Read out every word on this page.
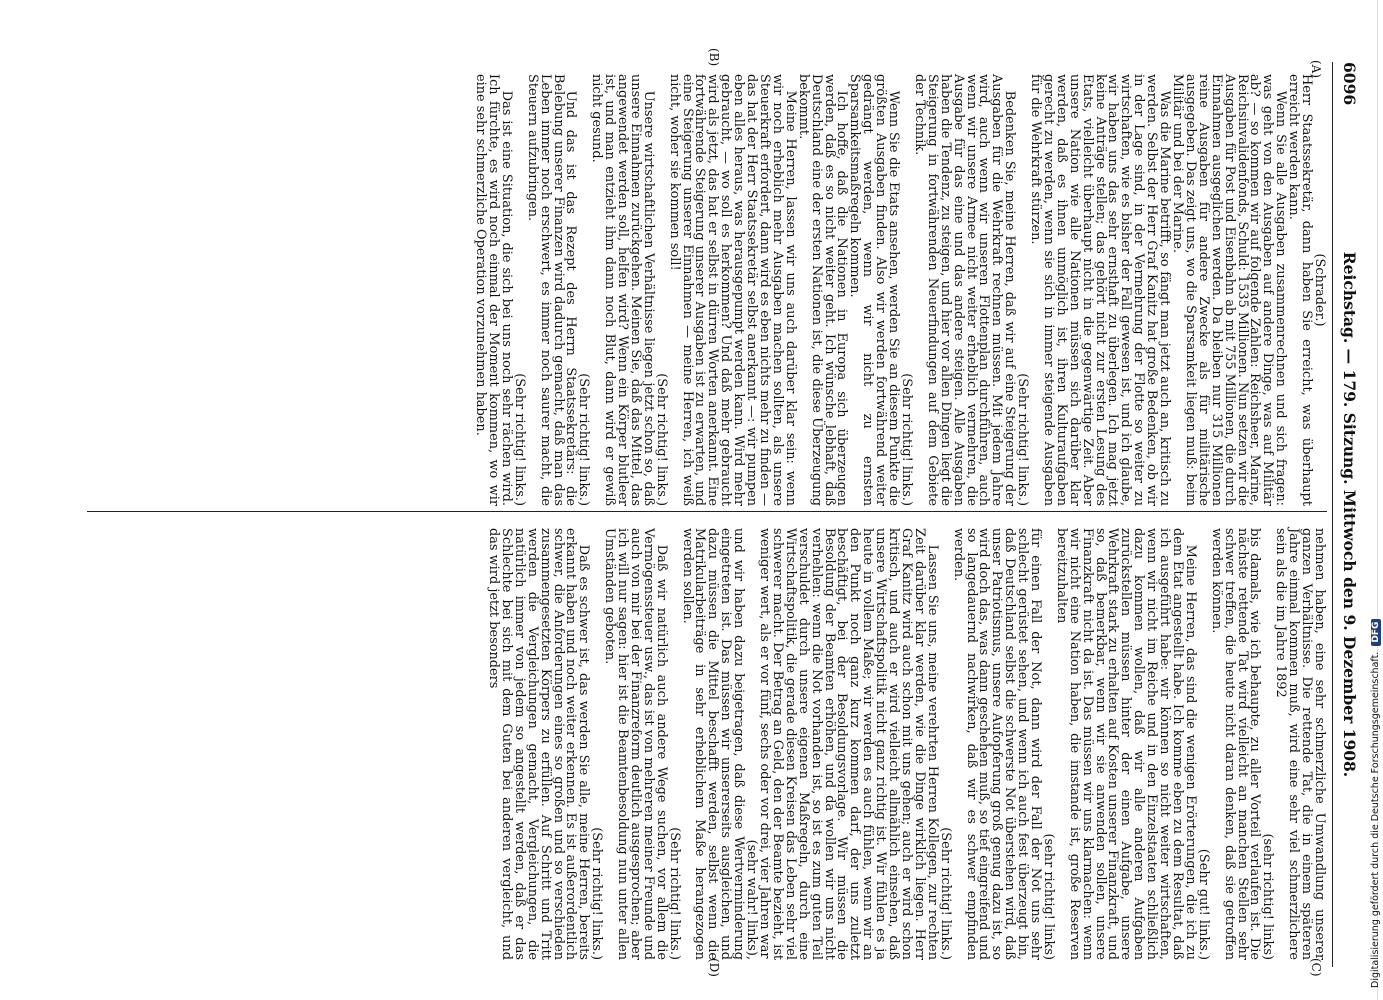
6096
Reichstag. — 179. Sitzung. Mittwoch den 9. Dezember 1908.
(A)
(B)
(C)
(D)

(Schrader.)

Herr Staatssekretär, dann haben Sie erreicht, was überhaupt erreicht werden kann.

Wenn Sie alle Ausgaben zusammenrechnen und sich fragen: was geht von den Ausgaben auf andere Dinge, was auf Militär ab? — so kommen wir auf folgende Zahlen: Reichsheer, Marine, Reichsinvalidenfonds, Schuld: 1535 Millionen. Nun setzen wir die Ausgaben für Post und Eisenbahn ab mit 755 Millionen, die durch Einnahmen ausgeglichen werden. Da bleiben nur 315 Millionen reine Ausgaben für andere Zwecke als für militärische ausgegeben. Das zeigt uns, wo die Sparsamkeit liegen muß: beim Militär und bei der Marine.

Was die Marine betrifft, so fängt man jetzt auch an, kritisch zu werden. Selbst der Herr Graf Kanitz hat große Bedenken, ob wir in der Lage sind, in der Vermehrung der Flotte so weiter zu wirtschaften, wie es bisher der Fall gewesen ist, und ich glaube, wir haben uns das sehr ernsthaft zu überlegen. Ich mag jetzt keine Anträge stellen; das gehört nicht zur ersten Lesung des Etats, vielleicht überhaupt nicht in die gegenwärtige Zeit. Aber unsere Nation wie alle Nationen müssen sich darüber klar werden, daß es ihnen unmöglich ist, ihren Kulturaufgaben gerecht zu werden, wenn sie sich in immer steigende Ausgaben für die Wehrkraft stürzen.

(Sehr richtig! links.)

Bedenken Sie, meine Herren, daß wir auf eine Steigerung der Ausgaben für die Wehrkraft rechnen müssen. Mit jedem Jahre wird, auch wenn wir unseren Flottenplan durchführen, auch wenn wir unsere Armee nicht weiter erheblich vermehren, die Ausgabe für das eine und das andere steigen. Alle Ausgaben haben die Tendenz, zu steigen, und hier vor allen Dingen liegt die Steigerung in fortwährenden Neuerfindungen auf dem Gebiete der Technik.

(Sehr richtig! links.)

Wenn Sie die Etats ansehen, werden Sie an diesem Punkte die größten Ausgaben finden. Also wir werden fortwährend weiter gedrängt werden, wenn wir nicht zu ernsten Sparsamkeitsmaßregeln kommen.

Ich hoffe, daß die Nationen in Europa sich überzeugen werden, daß es so nicht weiter geht. Ich wünsche lebhaft, daß Deutschland eine der ersten Nationen ist, die diese Überzeugung bekommt.

Meine Herren, lassen wir uns auch darüber klar sein: wenn wir noch erheblich mehr Ausgaben machen sollten, als unsere Steuerkraft erfordert, dann wird es eben nichts mehr zu finden — das hat der Herr Staatssekretär selbst anerkannt —: wir pumpen eben alles heraus, was herausgepumpt werden kann. Wird mehr gebraucht, — wo soll es herkommen? Und daß mehr gebraucht wird als jetzt, das hat er selbst in dürren Worten anerkannt. Eine fortwährende Steigerung unserer Ausgaben ist zu erwarten, und eine Steigerung unserer Einnahmen — meine Herren, ich weiß nicht, woher sie kommen soll!

(Sehr richtig! links.)

Unsere wirtschaftlichen Verhältnisse liegen jetzt schon so, daß unsere Einnahmen zurückgehen. Meinen Sie, daß das Mittel, das angewendet werden soll, helfen wird? Wenn ein Körper blutleer ist, und man entzieht ihm dann noch Blut, dann wird er gewiß nicht gesund.

(Sehr richtig! links.)

Und das ist das Rezept des Herrn Staatssekretärs: die Belebung unserer Finanzen wird dadurch gemacht, daß man das Leben immer noch erschwert, es immer noch saurer macht, die Steuern aufzubringen.

(Sehr richtig! links.)

Das ist eine Situation, die sich bei uns noch sehr rächen wird. Ich fürchte, es wird noch einmal der Moment kommen, wo wir eine sehr schmerzliche Operation vorzunehmen haben.

nehmen haben, eine sehr schmerzliche Umwandlung unserer ganzen Verhältnisse. Die rettende Tat, die in einem späteren Jahre einmal kommen muß, wird eine sehr viel schmerzlichere sein als die im Jahre 1892

(sehr richtig! links)

bis damals, wie ich behaupte, zu aller Vorteil verlaufen ist. Die nächste rettende Tat wird vielleicht an manchen Stellen sehr schwer treffen, die heute nicht daran denken, daß sie getroffen werden können.

(Sehr gut! links.)

Meine Herren, das sind die wenigen Erörterungen, die ich zu dem Etat angestellt habe. Ich komme eben zu dem Resultat, daß ich ausgeführt habe: wir können so nicht weiter wirtschaften, wenn wir nicht im Reiche und in den Einzelstaaten schließlich dazu kommen wollen, daß wir alle anderen Aufgaben zurückstellen müssen hinter der einen Aufgabe, unsere Wehrkraft stark zu erhalten auf Kosten unserer Finanzkraft, und so, daß bemerkbar, wenn wir sie anwenden sollen, unsere Finanzkraft nicht da ist. Das müssen wir uns klarmachen: wenn wir nicht eine Nation haben, die imstande ist, große Reserven bereitzuhalten

(sehr richtig! links)

für einen Fall der Not, dann wird der Fall der Not uns sehr schlecht gerüstet sehen, und wenn ich auch fest überzeugt bin, daß Deutschland selbst die schwerste Not überstehen wird, daß unser Patriotismus, unsere Aufopferung groß genug dazu ist, so wird doch das, was dann geschehen muß, so tief eingreifend und so langedauernd nachwirken, daß wir es schwer empfinden werden.

(Sehr richtig! links.)

Lassen Sie uns, meine verehrten Herren Kollegen, zur rechten Zeit darüber klar werden, wie die Dinge wirklich liegen. Herr Graf Kanitz wird auch schon mit uns gehen; auch er wird schon kritisch, und auch er wird vielleicht allmählich einsehen, daß unsere Wirtschaftspolitik nicht ganz richtig ist. Wir fühlen es ja heute in vollem Maße; wir werden es auch fühlen, wenn wir an den Punkt noch ganz kurz kommen darf, der uns zuletzt beschäftigt, bei der Besoldungsvorlage. Wir müssen die Besoldung der Beamten erhöhen, und da wollen wir uns nicht verhehlen: wenn die Not vorhanden ist, so ist es zum guten Teil verschuldet durch unsere eigenen Maßregeln, durch eine Wirtschaftspolitik, die gerade diesen Kreisen das Leben sehr viel schwerer macht. Der Betrag an Geld, den der Beamte bezieht, ist weniger wert, als er vor fünf, sechs oder vor drei, vier Jahren war

(sehr wahr! links),

und wir haben dazu beigetragen, daß diese Wertverminderung eingetreten ist. Das müssen wir unsererseits ausgleichen, und dazu müssen die Mittel beschafft werden, selbst wenn die Matrikularbeiträge in sehr erheblichem Maße herangezogen werden sollen.

(Sehr richtig! links.)

Daß wir natürlich auch andere Wege suchen, vor allem die Vermögenssteuer usw., das ist von mehreren meiner Freunde und auch von mir bei der Finanzreform deutlich ausgesprochen; aber ich will nur sagen: hier ist die Beamtenbesoldung nun unter allen Umständen geboten.

(Sehr richtig! links.)

Daß es schwer ist, das werden Sie alle, meine Herren, bereits erkannt haben und noch weiter erkennen. Es ist außerordentlich schwer, die Anforderungen eines so großen und so verschieden zusammengesetzten Körpers zu erfüllen. Auf Schritt und Tritt werden die Vergleichungen gemacht, Vergleichungen, die natürlich immer von jedem so angestellt werden, daß er das Schlechte bei sich mit dem Guten bei anderen vergleicht, und das wird jetzt besonders

Digitalisierung gefördert durch die Deutsche Forschungsgemeinschaft.DFG
